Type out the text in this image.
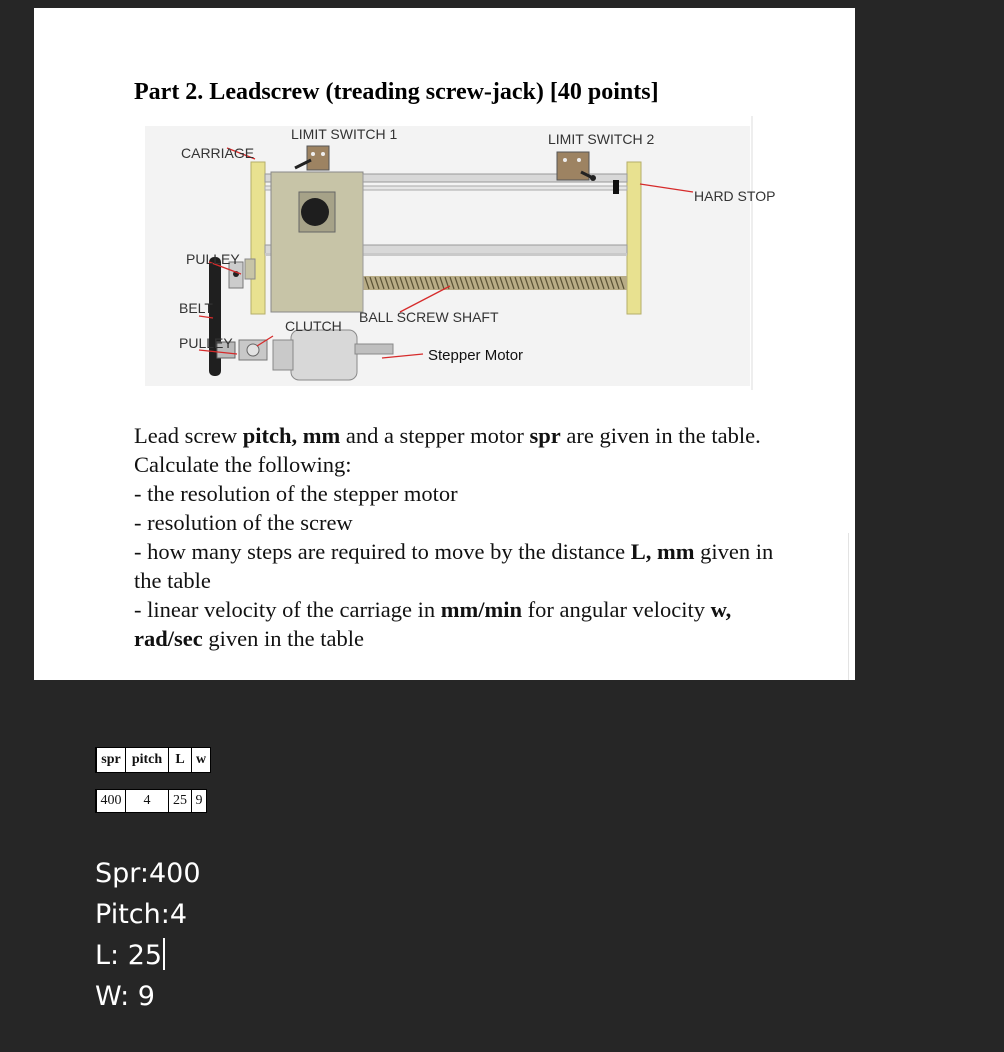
Part 2. Leadscrew (treading screw-jack) [40 points]
LIMIT SWITCH 1	LIMIT SWITCH 2
CARRIAGE
HARD STOP
PULLEY
BELT
PULLEY
CLUTCH
BALL SCREW SHAFT
Stepper Motor

Lead screw pitch, mm and a stepper motor spr are given in the table.

Calculate the following:

- the resolution of the stepper motor

- resolution of the screw

- how many steps are required to move by the distance L, mm given in the table

- linear velocity of the carriage in mm/min for angular velocity w, rad/sec given in the table

spr pitch L w
400	4	25 9
Spr:400
Pitch:4
L: 25
W: 9
